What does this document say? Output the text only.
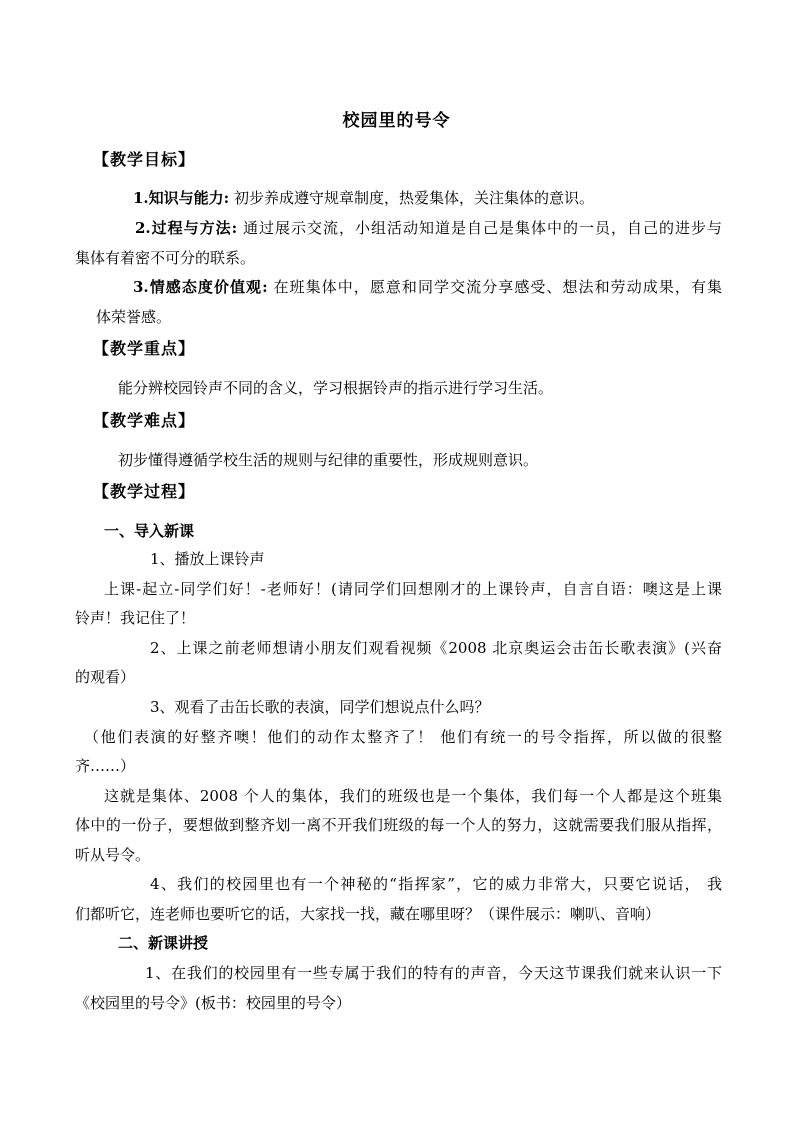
校园里的号令
【教学目标】
1.知识与能力: 初步养成遵守规章制度，热爱集体，关注集体的意识。
2.过程与方法: 通过展示交流，小组活动知道是自己是集体中的一员，自己的进步与
集体有着密不可分的联系。
3.情感态度价值观: 在班集体中，愿意和同学交流分享感受、想法和劳动成果，有集
体荣誉感。
【教学重点】
能分辨校园铃声不同的含义，学习根据铃声的指示进行学习生活。
【教学难点】
初步懂得遵循学校生活的规则与纪律的重要性，形成规则意识。
【教学过程】
一、导入新课
1、播放上课铃声
上课-起立-同学们好！-老师好！(请同学们回想刚才的上课铃声，自言自语：噢这是上课
铃声！我记住了！
2、上课之前老师想请小朋友们观看视频《2008 北京奥运会击缶长歌表演》(兴奋
的观看）
3、观看了击缶长歌的表演，同学们想说点什么吗？
（他们表演的好整齐噢！他们的动作太整齐了！ 他们有统一的号令指挥，所以做的很整
齐……）
这就是集体、2008 个人的集体，我们的班级也是一个集体，我们每一个人都是这个班集
体中的一份子，要想做到整齐划一离不开我们班级的每一个人的努力，这就需要我们服从指挥，
听从号令。
4、我们的校园里也有一个神秘的“指挥家”，它的威力非常大，只要它说话， 我
们都听它，连老师也要听它的话，大家找一找，藏在哪里呀？（课件展示：喇叭、音响）
二、新课讲授
1、在我们的校园里有一些专属于我们的特有的声音，今天这节课我们就来认识一下
《校园里的号令》(板书：校园里的号令）
